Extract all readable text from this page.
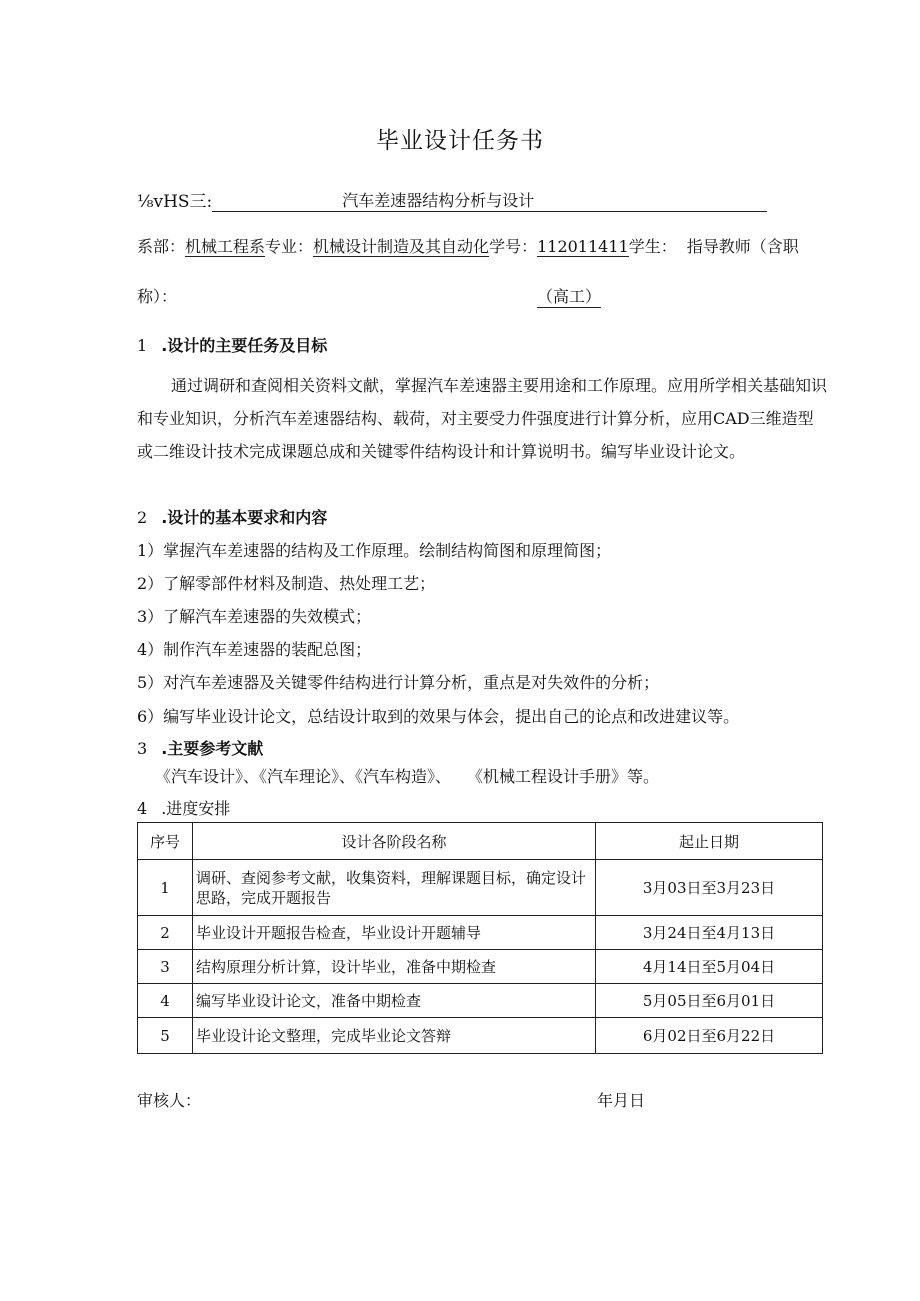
毕业设计任务书
⅛vHS三:	汽车差速器结构分析与设计
系部：机械工程系专业：机械设计制造及其自动化学号：112011411学生： 指导教师（含职
称）：	（高工）
1 .设计的主要任务及目标
通过调研和查阅相关资料文献，掌握汽车差速器主要用途和工作原理。应用所学相关基础知识和专业知识，分析汽车差速器结构、载荷，对主要受力件强度进行计算分析，应用CAD三维造型或二维设计技术完成课题总成和关键零件结构设计和计算说明书。编写毕业设计论文。
2 .设计的基本要求和内容
1）掌握汽车差速器的结构及工作原理。绘制结构简图和原理简图；
2）了解零部件材料及制造、热处理工艺；
3）了解汽车差速器的失效模式；
4）制作汽车差速器的装配总图；
5）对汽车差速器及关键零件结构进行计算分析，重点是对失效件的分析；
6）编写毕业设计论文，总结设计取到的效果与体会，提出自己的论点和改进建议等。
3 .主要参考文献
《汽车设计》、《汽车理论》、《汽车构造》、　　《机械工程设计手册》等。
4 .进度安排
序号	设计各阶段名称	起止日期
1	调研、查阅参考文献，收集资料，理解课题目标，确定设计思路，完成开题报告	3月03日至3月23日
2	毕业设计开题报告检查，毕业设计开题辅导	3月24日至4月13日
3	结构原理分析计算，设计毕业，准备中期检查	4月14日至5月04日
4	编写毕业设计论文，准备中期检查	5月05日至6月01日
5	毕业设计论文整理，完成毕业论文答辩	6月02日至6月22日
审核人：	年月日
